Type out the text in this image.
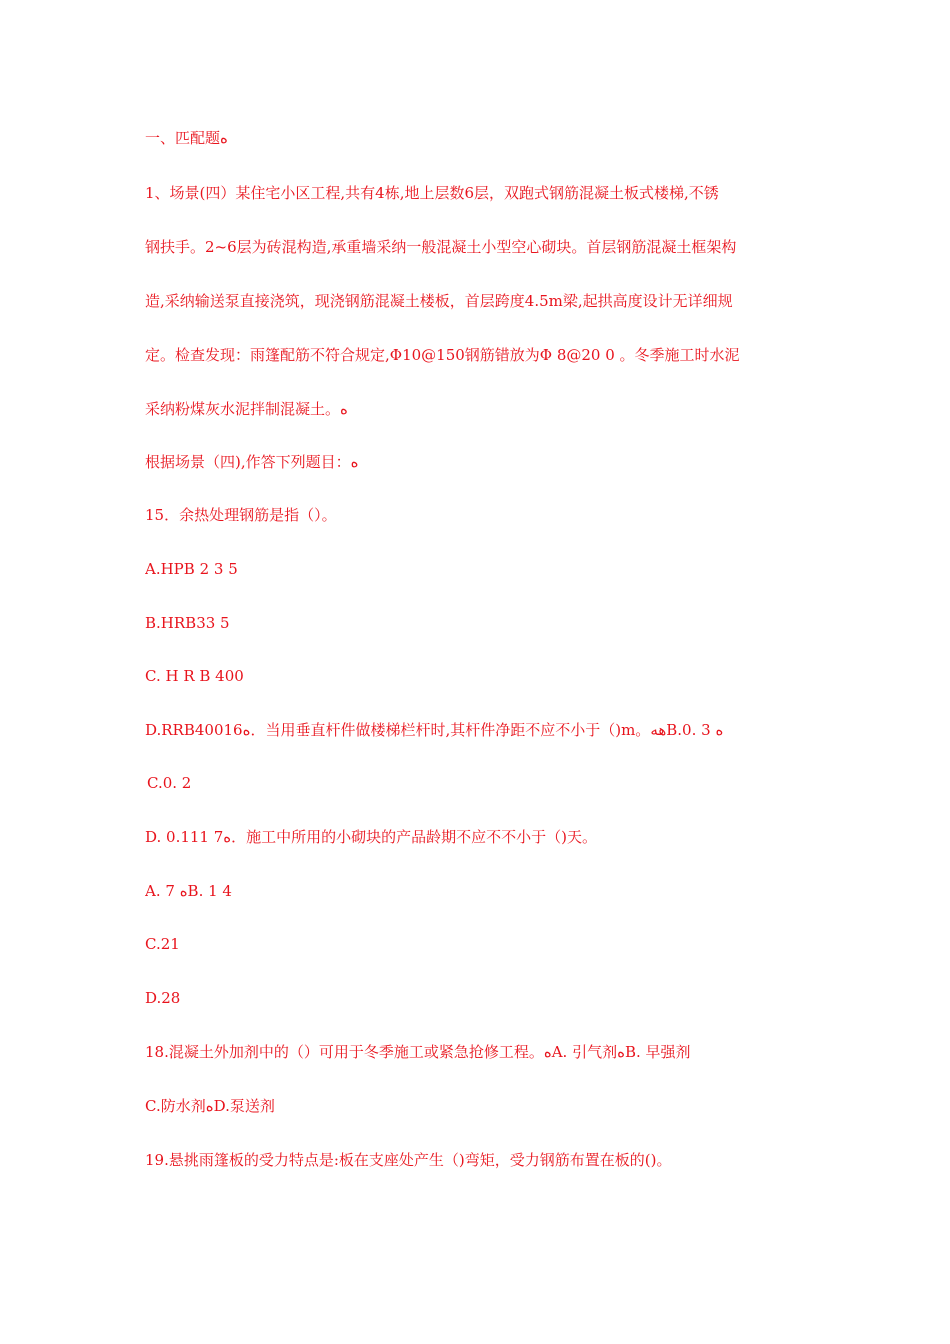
一、匹配题ه
1、场景(四）某住宅小区工程,共有4栋,地上层数6层，双跑式钢筋混凝土板式楼梯,不锈
钢扶手。2~6层为砖混构造,承重墙采纳一般混凝土小型空心砌块。首层钢筋混凝土框架构
造,采纳输送泵直接浇筑，现浇钢筋混凝土楼板，首层跨度4.5m梁,起拱高度设计无详细规
定。检查发现：雨篷配筋不符合规定,Φ10@150钢筋错放为Φ 8@20 0 。冬季施工时水泥
采纳粉煤灰水泥拌制混凝土。ه
根据场景（四),作答下列题目：ه
15．余热处理钢筋是指（）。
A.HPB 2 3 5
B.HRB33 5
C. H R B 400
D.RRB40016ه．当用垂直杆件做楼梯栏杆时,其杆件净距不应不小于（)m。ههB.0. 3 ه
C.0. 2
D. 0.111 7ه．施工中所用的小砌块的产品龄期不应不不小于（)天。
A. 7 هB. 1 4
C.21
D.28
18.混凝土外加剂中的（）可用于冬季施工或紧急抢修工程。هA. 引气剂هB. 早强剂
C.防水剂هD.泵送剂
19.悬挑雨篷板的受力特点是:板在支座处产生（)弯矩，受力钢筋布置在板的()。
